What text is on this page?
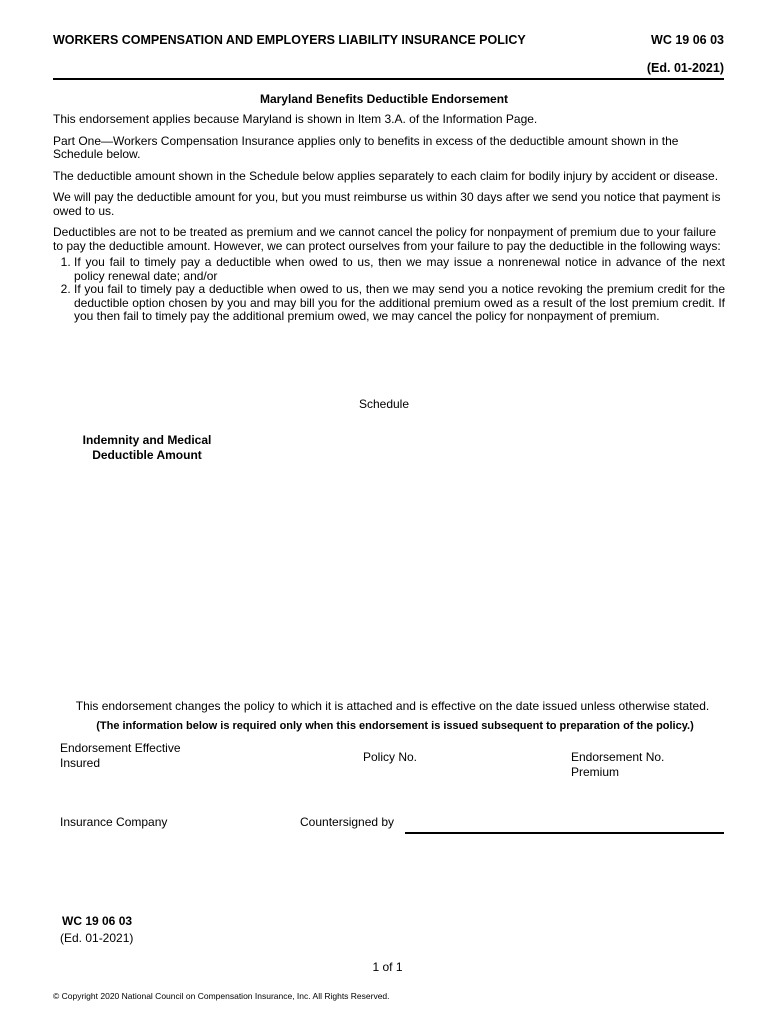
WORKERS COMPENSATION AND EMPLOYERS LIABILITY INSURANCE POLICY	WC 19 06 03
(Ed. 01-2021)
Maryland Benefits Deductible Endorsement

This endorsement applies because Maryland is shown in Item 3.A. of the Information Page.

Part One—Workers Compensation Insurance applies only to benefits in excess of the deductible amount shown in the Schedule below.

The deductible amount shown in the Schedule below applies separately to each claim for bodily injury by accident or disease.

We will pay the deductible amount for you, but you must reimburse us within 30 days after we send you notice that payment is owed to us.

Deductibles are not to be treated as premium and we cannot cancel the policy for nonpayment of premium due to your failure to pay the deductible amount. However, we can protect ourselves from your failure to pay the deductible in the following ways:

1. If you fail to timely pay a deductible when owed to us, then we may issue a nonrenewal notice in advance of the next policy renewal date; and/or
2. If you fail to timely pay a deductible when owed to us, then we may send you a notice revoking the premium credit for the deductible option chosen by you and may bill you for the additional premium owed as a result of the lost premium credit. If you then fail to timely pay the additional premium owed, we may cancel the policy for nonpayment of premium.
Schedule
Indemnity and Medical
Deductible Amount
This endorsement changes the policy to which it is attached and is effective on the date issued unless otherwise stated.
(The information below is required only when this endorsement is issued subsequent to preparation of the policy.)
Endorsement Effective
Insured	Policy No.	Endorsement No.
Premium
Insurance Company	Countersigned by
WC 19 06 03
(Ed. 01-2021)
1 of 1
© Copyright 2020 National Council on Compensation Insurance, Inc. All Rights Reserved.
